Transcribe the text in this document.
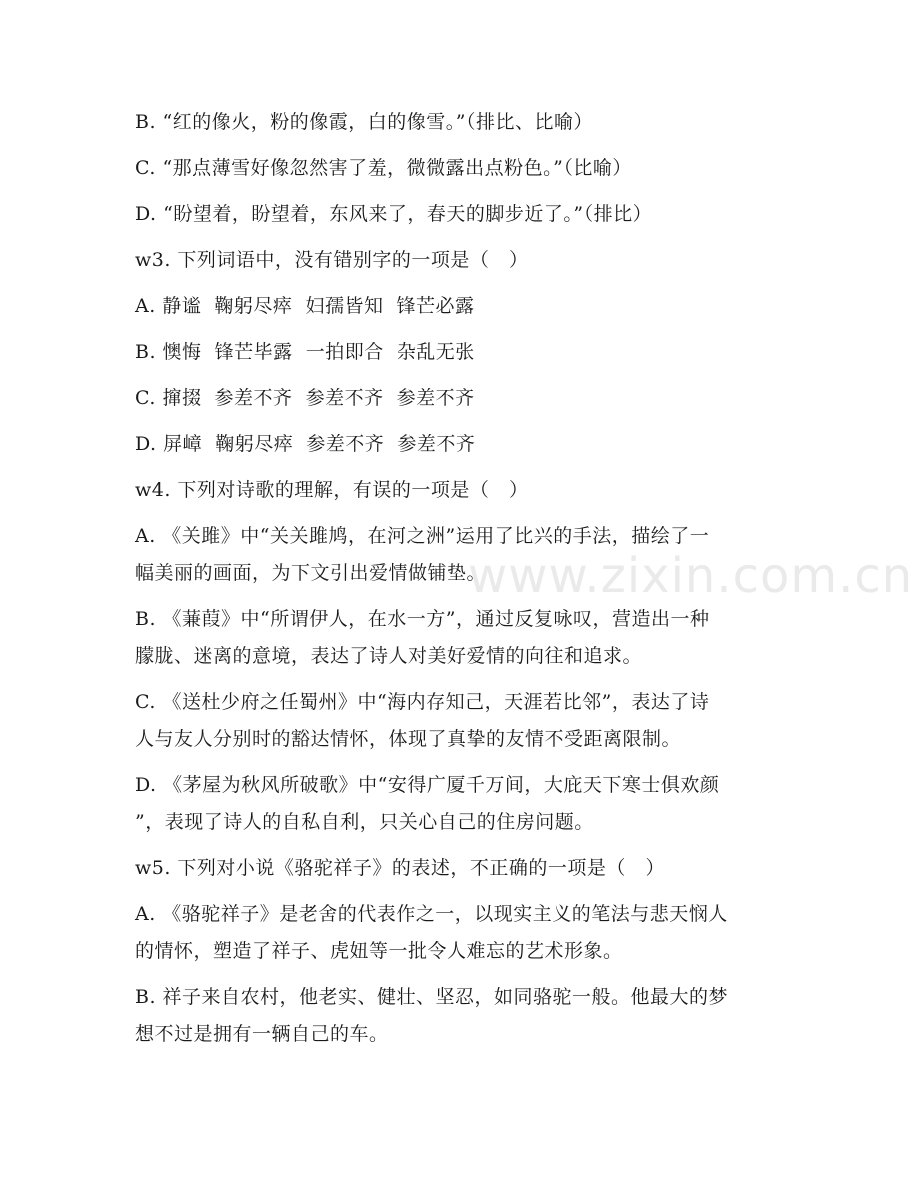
www.zixin.com.cn

B. “红的像火，粉的像霞，白的像雪。”（排比、比喻）

C. “那点薄雪好像忽然害了羞，微微露出点粉色。”（比喻）

D. “盼望着，盼望着，东风来了，春天的脚步近了。”（排比）

w3. 下列词语中，没有错别字的一项是（   ）

A. 静谧  鞠躬尽瘁  妇孺皆知  锋芒必露

B. 懊悔  锋芒毕露  一拍即合  杂乱无张

C. 撺掇  参差不齐  参差不齐  参差不齐

D. 屏嶂  鞠躬尽瘁  参差不齐  参差不齐

w4. 下列对诗歌的理解，有误的一项是（   ）

A. 《关雎》中“关关雎鸠，在河之洲”运用了比兴的手法，描绘了一

幅美丽的画面，为下文引出爱情做铺垫。

B. 《蒹葭》中“所谓伊人，在水一方”，通过反复咏叹，营造出一种

朦胧、迷离的意境，表达了诗人对美好爱情的向往和追求。

C. 《送杜少府之任蜀州》中“海内存知己，天涯若比邻”，表达了诗

人与友人分别时的豁达情怀，体现了真挚的友情不受距离限制。

D. 《茅屋为秋风所破歌》中“安得广厦千万间，大庇天下寒士俱欢颜

”，表现了诗人的自私自利，只关心自己的住房问题。

w5. 下列对小说《骆驼祥子》的表述，不正确的一项是（   ）

A. 《骆驼祥子》是老舍的代表作之一，以现实主义的笔法与悲天悯人

的情怀，塑造了祥子、虎妞等一批令人难忘的艺术形象。

B. 祥子来自农村，他老实、健壮、坚忍，如同骆驼一般。他最大的梦

想不过是拥有一辆自己的车。
